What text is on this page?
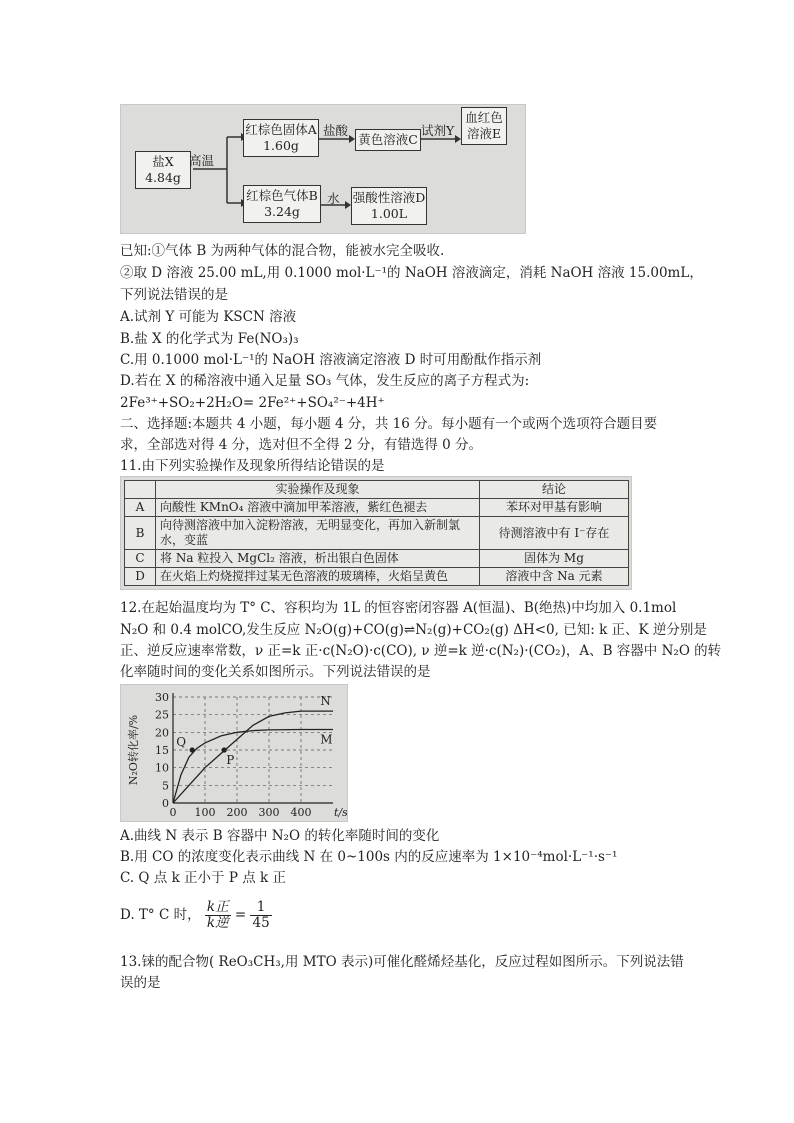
盐X
4.84g
高温
红棕色固体A
1.60g
盐酸
黄色溶液C
试剂Y
血红色
溶液E
红棕色气体B
3.24g
水 强酸性溶液D
1.00L
已知:①气体 B 为两种气体的混合物，能被水完全吸收.
②取 D 溶液 25.00 mL,用 0.1000 mol·L⁻¹的 NaOH 溶液滴定，消耗 NaOH 溶液 15.00mL，
下列说法错误的是
A.试剂 Y 可能为 KSCN 溶液
B.盐 X 的化学式为 Fe(NO₃)₃
C.用 0.1000 mol·L⁻¹的 NaOH 溶液滴定溶液 D 时可用酚酞作指示剂
D.若在 X 的稀溶液中通入足量 SO₃ 气体，发生反应的离子方程式为:
2Fe³⁺+SO₂+2H₂O= 2Fe²⁺+SO₄²⁻+4H⁺
二、选择题:本题共 4 小题，每小题 4 分，共 16 分。每小题有一个或两个选项符合题目要
求，全部选对得 4 分，选对但不全得 2 分，有错选得 0 分。
11.由下列实验操作及现象所得结论错误的是
	实验操作及现象	结论
A	向酸性 KMnO₄ 溶液中滴加甲苯溶液，紫红色褪去	苯环对甲基有影响
B	向待测溶液中加入淀粉溶液，无明显变化，再加入新制氯水，变蓝	待测溶液中有 I⁻存在
C	将 Na 粒投入 MgCl₂ 溶液，析出银白色固体	固体为 Mg
D	在火焰上灼烧搅拌过某无色溶液的玻璃棒，火焰呈黄色	溶液中含 Na 元素
12.在起始温度均为 T° C、容积均为 1L 的恒容密闭容器 A(恒温)、B(绝热)中均加入 0.1mol
N₂O 和 0.4 molCO,发生反应 N₂O(g)+CO(g)⇌N₂(g)+CO₂(g) ΔH<0, 已知: k 正、K 逆分别是
正、逆反应速率常数，ν 正=k 正·c(N₂O)·c(CO), ν 逆=k 逆·c(N₂)·(CO₂)，A、B 容器中 N₂O 的转
化率随时间的变化关系如图所示。下列说法错误的是
0
5
10
15
20
25
30
0 100 200 300 400 t/s
N₂O转化率/%
N
M
Q
P
A.曲线 N 表示 B 容器中 N₂O 的转化率随时间的变化
B.用 CO 的浓度变化表示曲线 N 在 0~100s 内的反应速率为 1×10⁻⁴mol·L⁻¹·s⁻¹
C. Q 点 k 正小于 P 点 k 正
D. T° C 时， $\frac{\text{k正}}{\text{k逆}} = \frac{1}{45}$
13.铼的配合物( ReO₃CH₃,用 MTO 表示)可催化醛烯烃基化，反应过程如图所示。下列说法错
误的是
